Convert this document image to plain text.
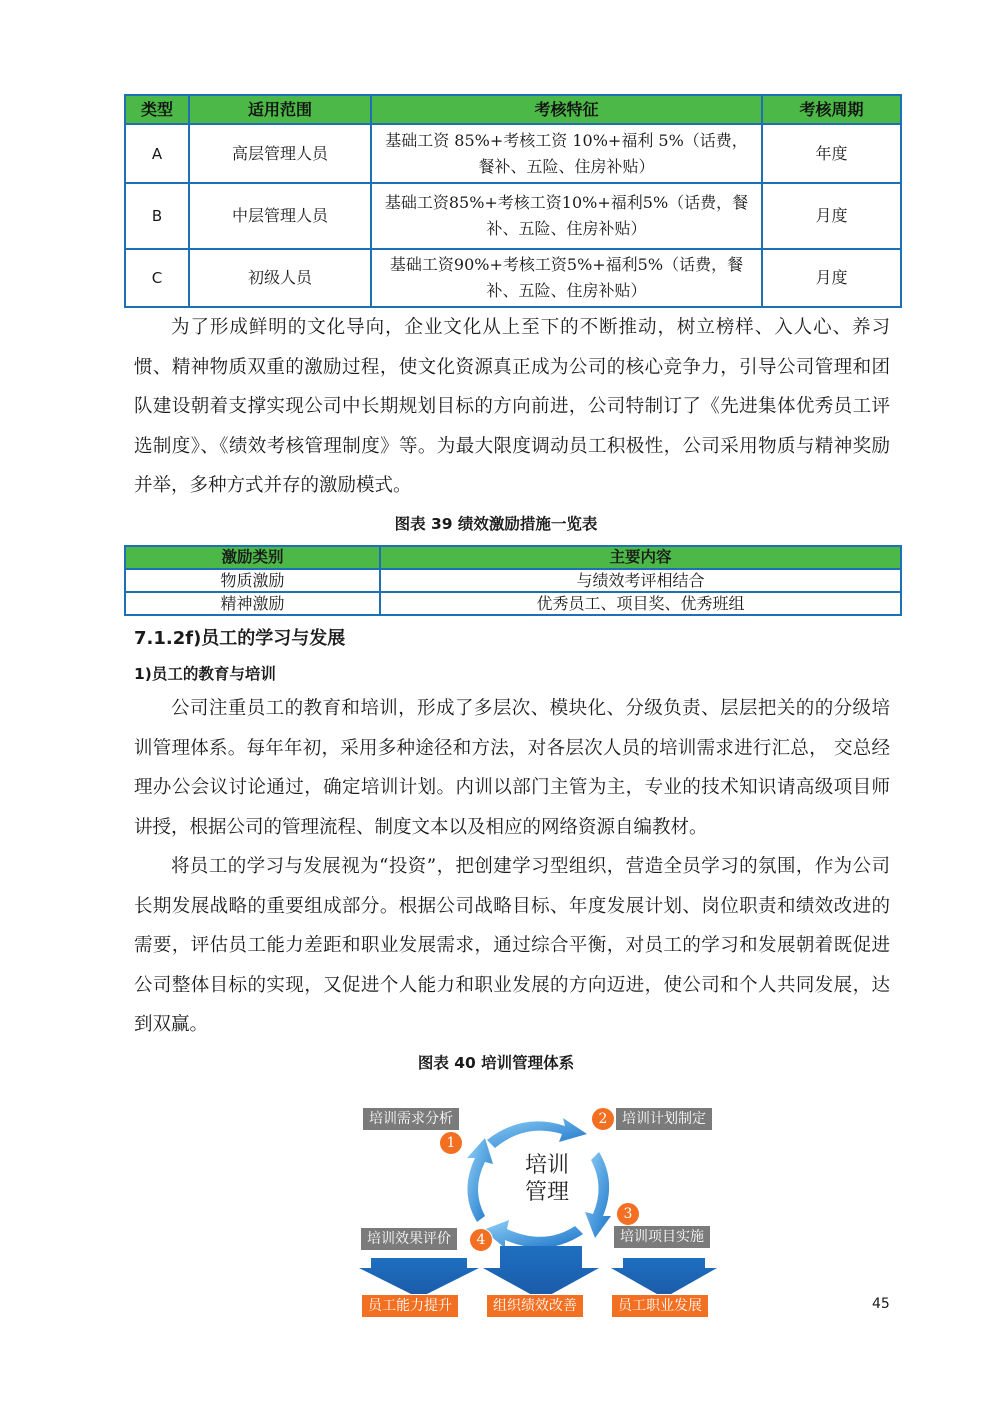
类型	适用范围	考核特征	考核周期
A	高层管理人员	基础工资 85%+考核工资 10%+福利 5%（话费，餐补、五险、住房补贴）	年度
B	中层管理人员	基础工资85%+考核工资10%+福利5%（话费，餐补、五险、住房补贴）	月度
C	初级人员	基础工资90%+考核工资5%+福利5%（话费，餐补、五险、住房补贴）	月度

为了形成鲜明的文化导向，企业文化从上至下的不断推动，树立榜样、入人心、养习惯、精神物质双重的激励过程，使文化资源真正成为公司的核心竞争力，引导公司管理和团队建设朝着支撑实现公司中长期规划目标的方向前进，公司特制订了《先进集体优秀员工评选制度》、《绩效考核管理制度》等。为最大限度调动员工积极性，公司采用物质与精神奖励并举，多种方式并存的激励模式。

图表 39 绩效激励措施一览表
激励类别	主要内容
物质激励	与绩效考评相结合
精神激励	优秀员工、项目奖、优秀班组
7.1.2f)员工的学习与发展
1)员工的教育与培训

公司注重员工的教育和培训，形成了多层次、模块化、分级负责、层层把关的的分级培训管理体系。每年年初，采用多种途径和方法，对各层次人员的培训需求进行汇总， 交总经理办公会议讨论通过，确定培训计划。内训以部门主管为主，专业的技术知识请高级项目师讲授，根据公司的管理流程、制度文本以及相应的网络资源自编教材。

将员工的学习与发展视为“投资”，把创建学习型组织，营造全员学习的氛围，作为公司长期发展战略的重要组成部分。根据公司战略目标、年度发展计划、岗位职责和绩效改进的需要，评估员工能力差距和职业发展需求，通过综合平衡，对员工的学习和发展朝着既促进公司整体目标的实现，又促进个人能力和职业发展的方向迈进，使公司和个人共同发展，达到双赢。

图表 40 培训管理体系
培训
管理
培训需求分析
1
培训计划制定
2
培训项目实施
3
培训效果评价	4
员工能力提升	组织绩效改善	员工职业发展	45
